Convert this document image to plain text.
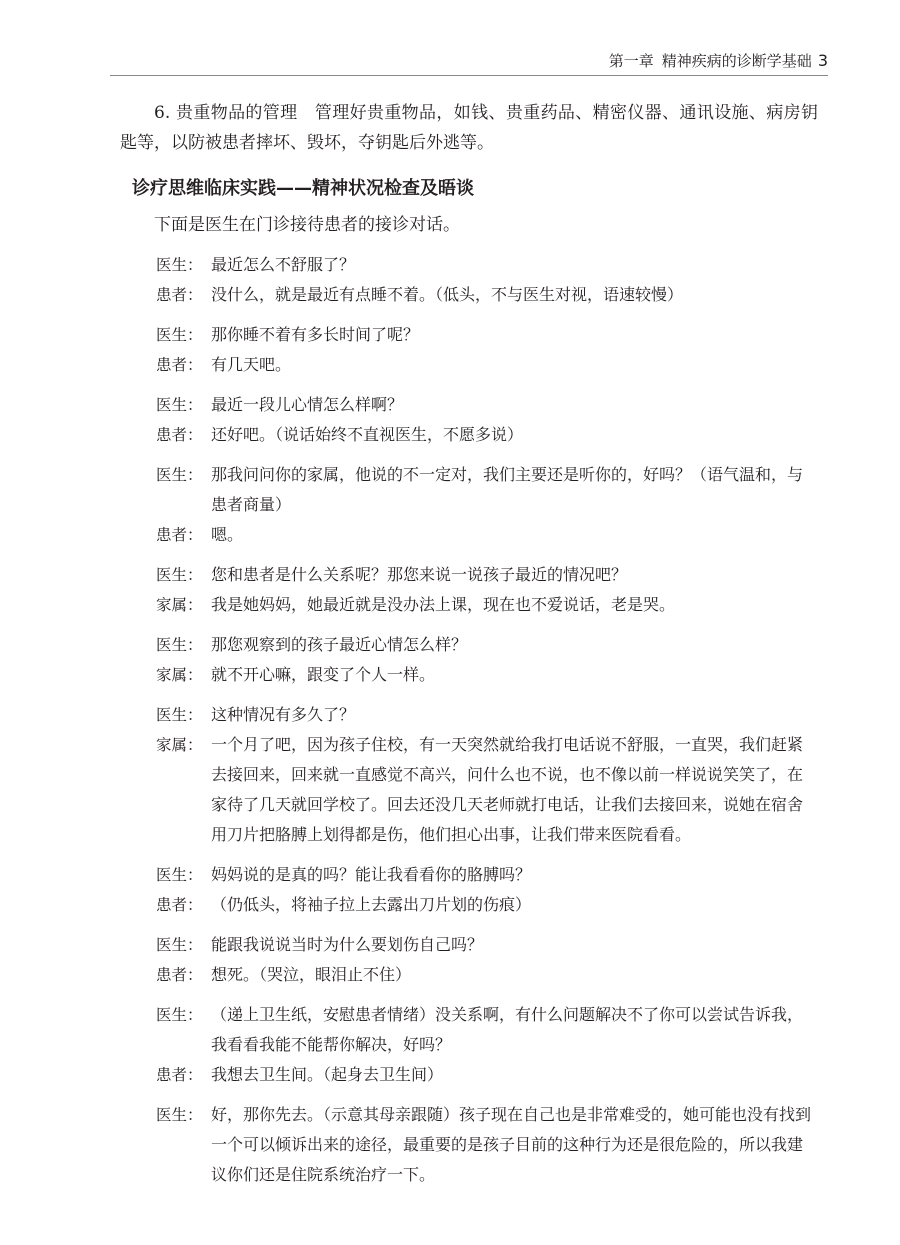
第一章 精神疾病的诊断学基础 3

6. 贵重物品的管理　管理好贵重物品，如钱、贵重药品、精密仪器、通讯设施、病房钥匙等，以防被患者摔坏、毁坏，夺钥匙后外逃等。

诊疗思维临床实践——精神状况检查及晤谈
下面是医生在门诊接待患者的接诊对话。
医生： 最近怎么不舒服了？
患者： 没什么，就是最近有点睡不着。（低头，不与医生对视，语速较慢）
医生： 那你睡不着有多长时间了呢？
患者： 有几天吧。
医生： 最近一段儿心情怎么样啊？
患者： 还好吧。（说话始终不直视医生，不愿多说）
医生： 那我问问你的家属，他说的不一定对，我们主要还是听你的，好吗？（语气温和，与患者商量）
患者： 嗯。
医生： 您和患者是什么关系呢？那您来说一说孩子最近的情况吧？
家属： 我是她妈妈，她最近就是没办法上课，现在也不爱说话，老是哭。
医生： 那您观察到的孩子最近心情怎么样？
家属： 就不开心嘛，跟变了个人一样。
医生： 这种情况有多久了？
家属： 一个月了吧，因为孩子住校，有一天突然就给我打电话说不舒服，一直哭，我们赶紧去接回来，回来就一直感觉不高兴，问什么也不说，也不像以前一样说说笑笑了，在家待了几天就回学校了。回去还没几天老师就打电话，让我们去接回来，说她在宿舍用刀片把胳膊上划得都是伤，他们担心出事，让我们带来医院看看。
医生： 妈妈说的是真的吗？能让我看看你的胳膊吗？
患者： （仍低头，将袖子拉上去露出刀片划的伤痕）
医生： 能跟我说说当时为什么要划伤自己吗？
患者： 想死。（哭泣，眼泪止不住）
医生： （递上卫生纸，安慰患者情绪）没关系啊，有什么问题解决不了你可以尝试告诉我，我看看我能不能帮你解决，好吗？
患者： 我想去卫生间。（起身去卫生间）
医生： 好，那你先去。（示意其母亲跟随）孩子现在自己也是非常难受的，她可能也没有找到一个可以倾诉出来的途径，最重要的是孩子目前的这种行为还是很危险的，所以我建议你们还是住院系统治疗一下。
